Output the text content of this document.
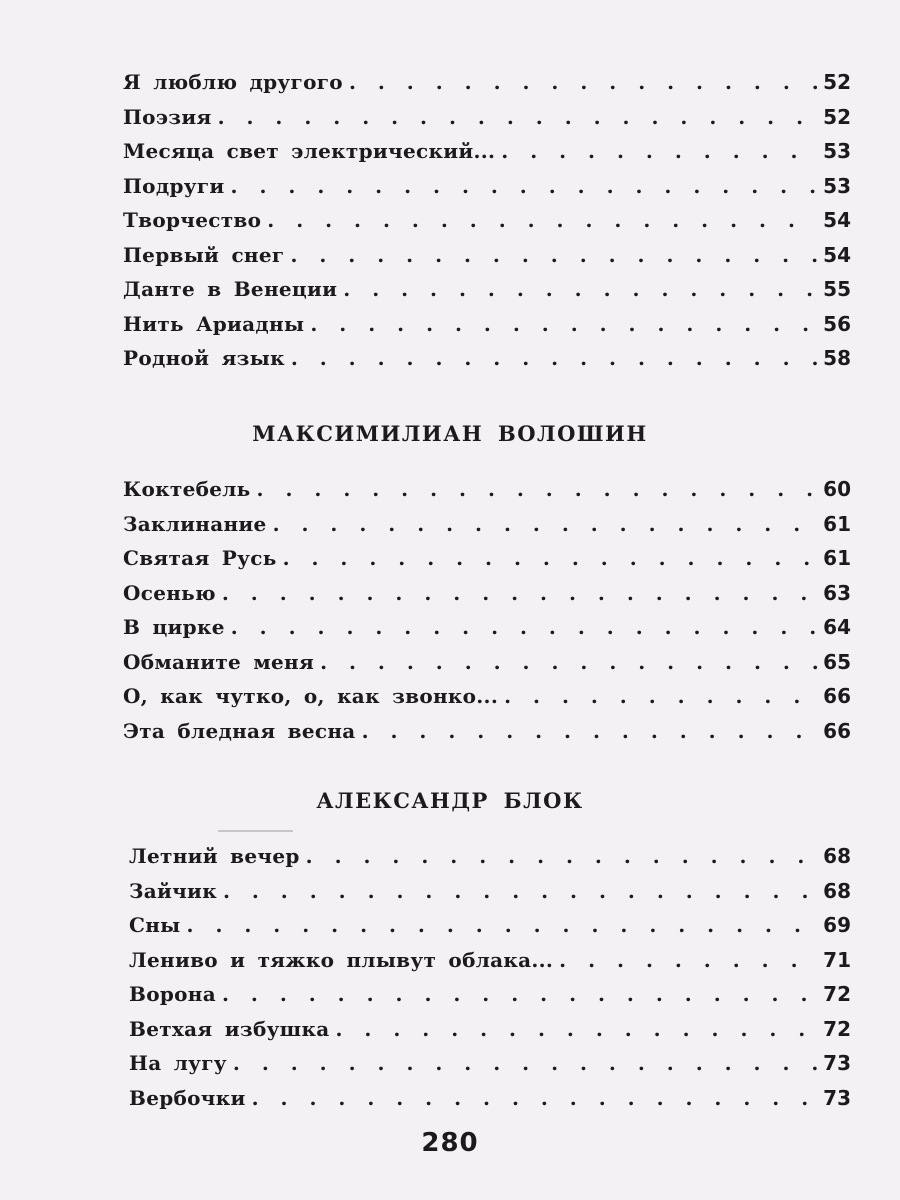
Я люблю другого . . .	52
Поэзия . . .	52
Месяца свет электрический... . . .	53
Подруги . . .	53
Творчество . . .	54
Первый снег . . .	54
Данте в Венеции . . .	55
Нить Ариадны . . .	56
Родной язык . . .	58
МАКСИМИЛИАН ВОЛОШИН
Коктебель . . .	60
Заклинание . . .	61
Святая Русь . . .	61
Осенью . . .	63
В цирке . . .	64
Обманите меня . . .	65
О, как чутко, о, как звонко... . . .	66
Эта бледная весна . . .	66
АЛЕКСАНДР БЛОК
Летний вечер . . .	68
Зайчик . . .	68
Сны . . .	69
Лениво и тяжко плывут облака... . . .	71
Ворона . . .	72
Ветхая избушка . . .	72
На лугу . . .	73
Вербочки . . .	73
280
